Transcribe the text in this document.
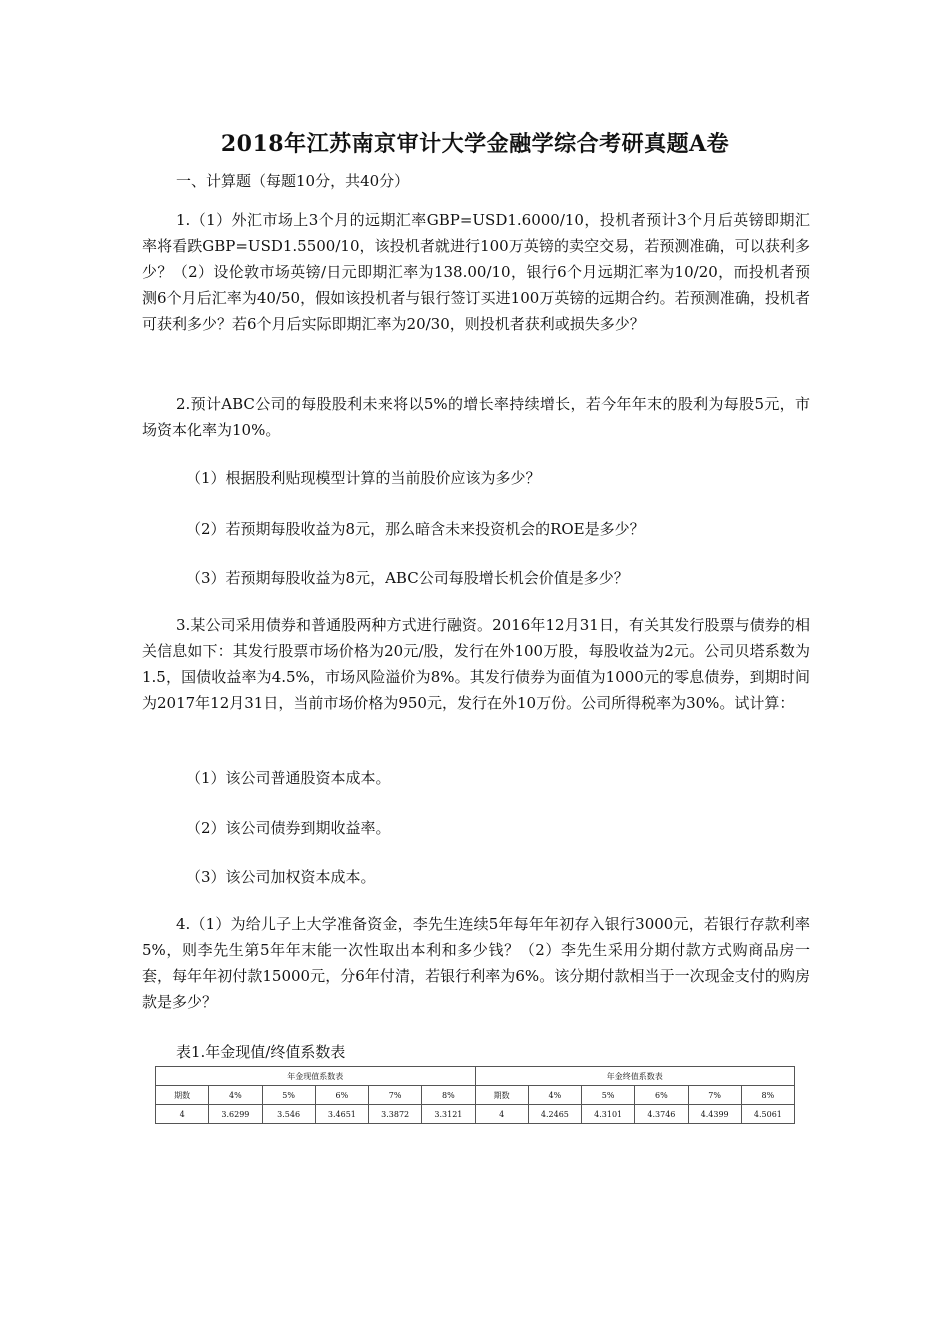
2018年江苏南京审计大学金融学综合考研真题A卷
一、计算题（每题10分，共40分）
1.（1）外汇市场上3个月的远期汇率GBP=USD1.6000/10，投机者预计3个月后英镑即期汇率将看跌GBP=USD1.5500/10，该投机者就进行100万英镑的卖空交易，若预测准确，可以获利多少？（2）设伦敦市场英镑/日元即期汇率为138.00/10，银行6个月远期汇率为10/20，而投机者预测6个月后汇率为40/50，假如该投机者与银行签订买进100万英镑的远期合约。若预测准确，投机者可获利多少？若6个月后实际即期汇率为20/30，则投机者获利或损失多少？
2.预计ABC公司的每股股利未来将以5%的增长率持续增长，若今年年末的股利为每股5元，市场资本化率为10%。
（1）根据股利贴现模型计算的当前股价应该为多少？
（2）若预期每股收益为8元，那么暗含未来投资机会的ROE是多少？
（3）若预期每股收益为8元，ABC公司每股增长机会价值是多少？
3.某公司采用债券和普通股两种方式进行融资。2016年12月31日，有关其发行股票与债券的相关信息如下：其发行股票市场价格为20元/股，发行在外100万股，每股收益为2元。公司贝塔系数为1.5，国债收益率为4.5%，市场风险溢价为8%。其发行债券为面值为1000元的零息债券，到期时间为2017年12月31日，当前市场价格为950元，发行在外10万份。公司所得税率为30%。试计算：
（1）该公司普通股资本成本。
（2）该公司债券到期收益率。
（3）该公司加权资本成本。
4.（1）为给儿子上大学准备资金，李先生连续5年每年年初存入银行3000元，若银行存款利率5%，则李先生第5年年末能一次性取出本利和多少钱？（2）李先生采用分期付款方式购商品房一套，每年年初付款15000元，分6年付清，若银行利率为6%。该分期付款相当于一次现金支付的购房款是多少？
表1.年金现值/终值系数表
年金现值系数表						年金终值系数表					
期数	4%	5%	6%	7%	8%	期数	4%	5%	6%	7%	8%
4	3.6299	3.546	3.4651	3.3872	3.3121	4	4.2465	4.3101	4.3746	4.4399	4.5061
